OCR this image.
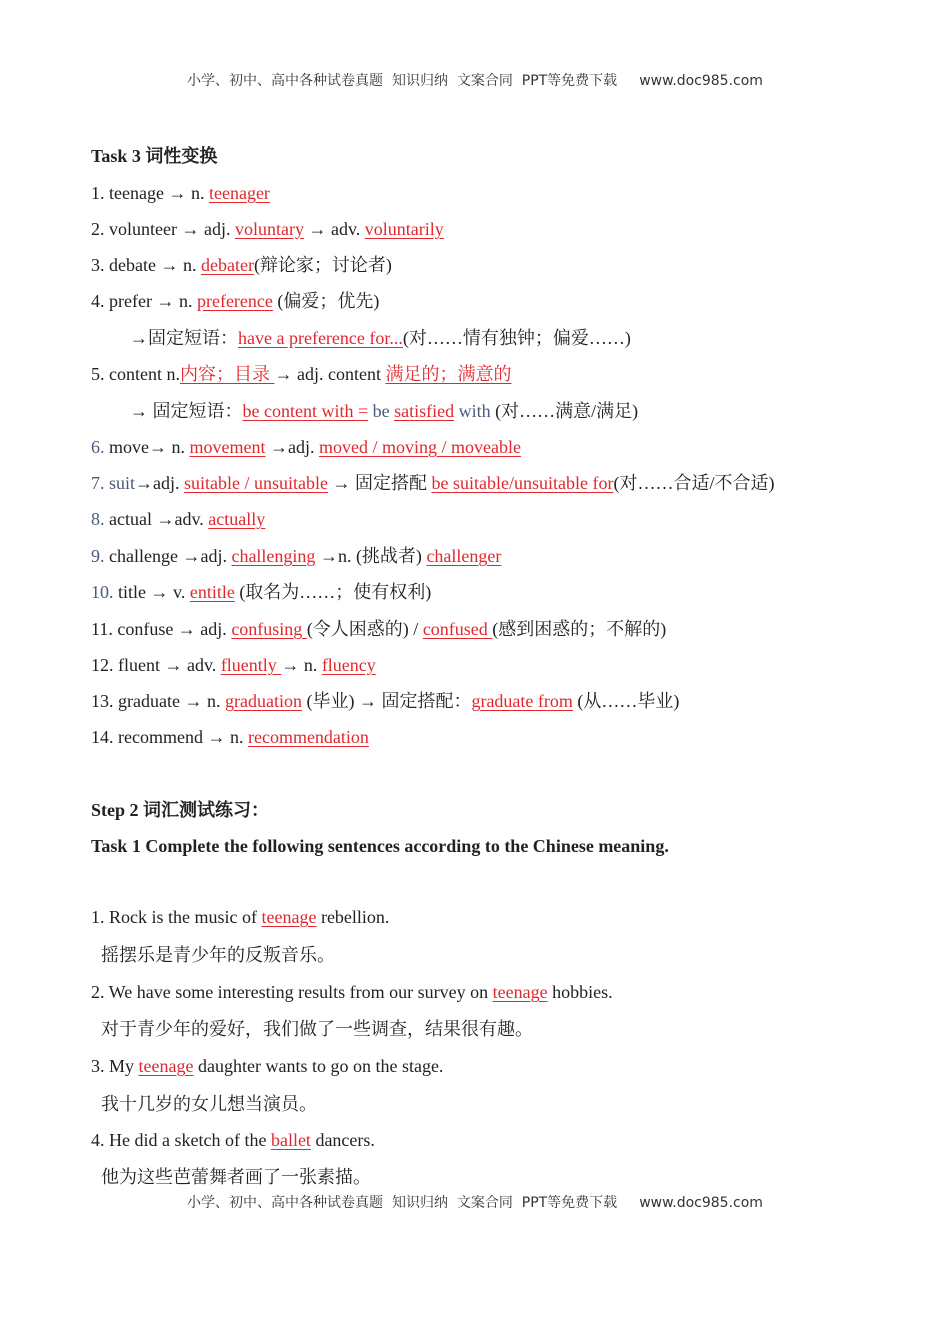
小学、初中、高中各种试卷真题  知识归纳  文案合同  PPT等免费下载 www.doc985.com
Task 3 词性变换
1. teenage → n. teenager
2. volunteer → adj. voluntary → adv. voluntarily
3. debate → n. debater(辩论家；讨论者)
4. prefer → n. preference (偏爱；优先)
→固定短语：have a preference for...(对……情有独钟；偏爱……)
5. content n.内容；目录 → adj. content 满足的；满意的
→ 固定短语：be content with = be satisfied with (对……满意/满足)
6. move→ n. movement →adj. moved / moving / moveable
7. suit→adj. suitable / unsuitable → 固定搭配 be suitable/unsuitable for(对……合适/不合适)
8. actual →adv. actually
9. challenge →adj. challenging →n. (挑战者) challenger
10. title → v. entitle (取名为……；使有权利)
11. confuse → adj. confusing (令人困惑的) / confused (感到困惑的；不解的)
12. fluent → adv. fluently → n. fluency
13. graduate → n. graduation (毕业) → 固定搭配：graduate from (从……毕业)
14. recommend → n. recommendation
Step 2 词汇测试练习：
Task 1 Complete the following sentences according to the Chinese meaning.
1. Rock is the music of teenage rebellion.
摇摆乐是青少年的反叛音乐。
2. We have some interesting results from our survey on teenage hobbies.
对于青少年的爱好，我们做了一些调查，结果很有趣。
3. My teenage daughter wants to go on the stage.
我十几岁的女儿想当演员。
4. He did a sketch of the ballet dancers.
他为这些芭蕾舞者画了一张素描。
小学、初中、高中各种试卷真题  知识归纳  文案合同  PPT等免费下载 www.doc985.com
